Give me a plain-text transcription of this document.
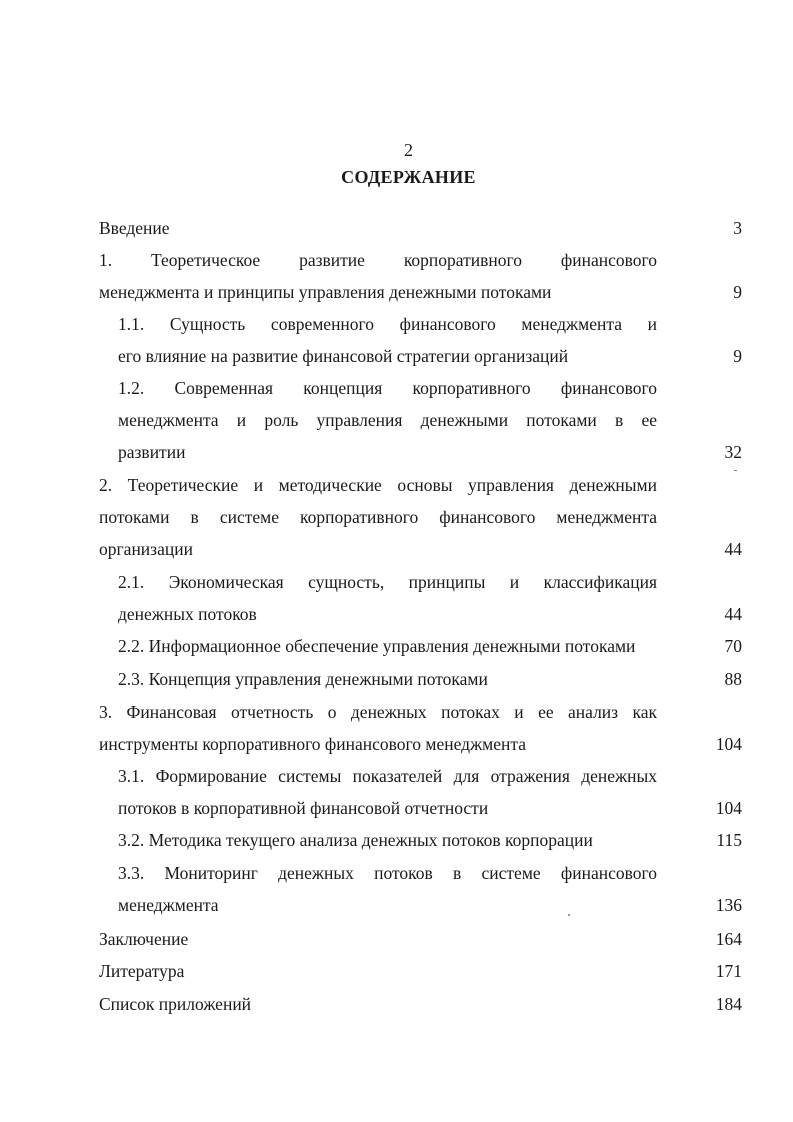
2
СОДЕРЖАНИЕ
Введение	3
1. Теоретическое развитие корпоративного финансового
менеджмента и принципы управления денежными потоками	9
1.1. Сущность современного финансового менеджмента и
его влияние на развитие финансовой стратегии организаций	9
1.2. Современная концепция корпоративного финансового
менеджмента и роль управления денежными потоками в ее
развитии	32
2. Теоретические и методические основы управления денежными
потоками в системе корпоративного финансового менеджмента
организации	44
2.1. Экономическая сущность, принципы и классификация
денежных потоков	44
2.2. Информационное обеспечение управления денежными потоками	70
2.3. Концепция управления денежными потоками	88
3. Финансовая отчетность о денежных потоках и ее анализ как
инструменты корпоративного финансового менеджмента	104
3.1. Формирование системы показателей для отражения денежных
потоков в корпоративной финансовой отчетности	104
3.2. Методика текущего анализа денежных потоков корпорации	115
3.3. Мониторинг денежных потоков в системе финансового
менеджмента	136
Заключение	164
Литература	171
Список приложений	184
